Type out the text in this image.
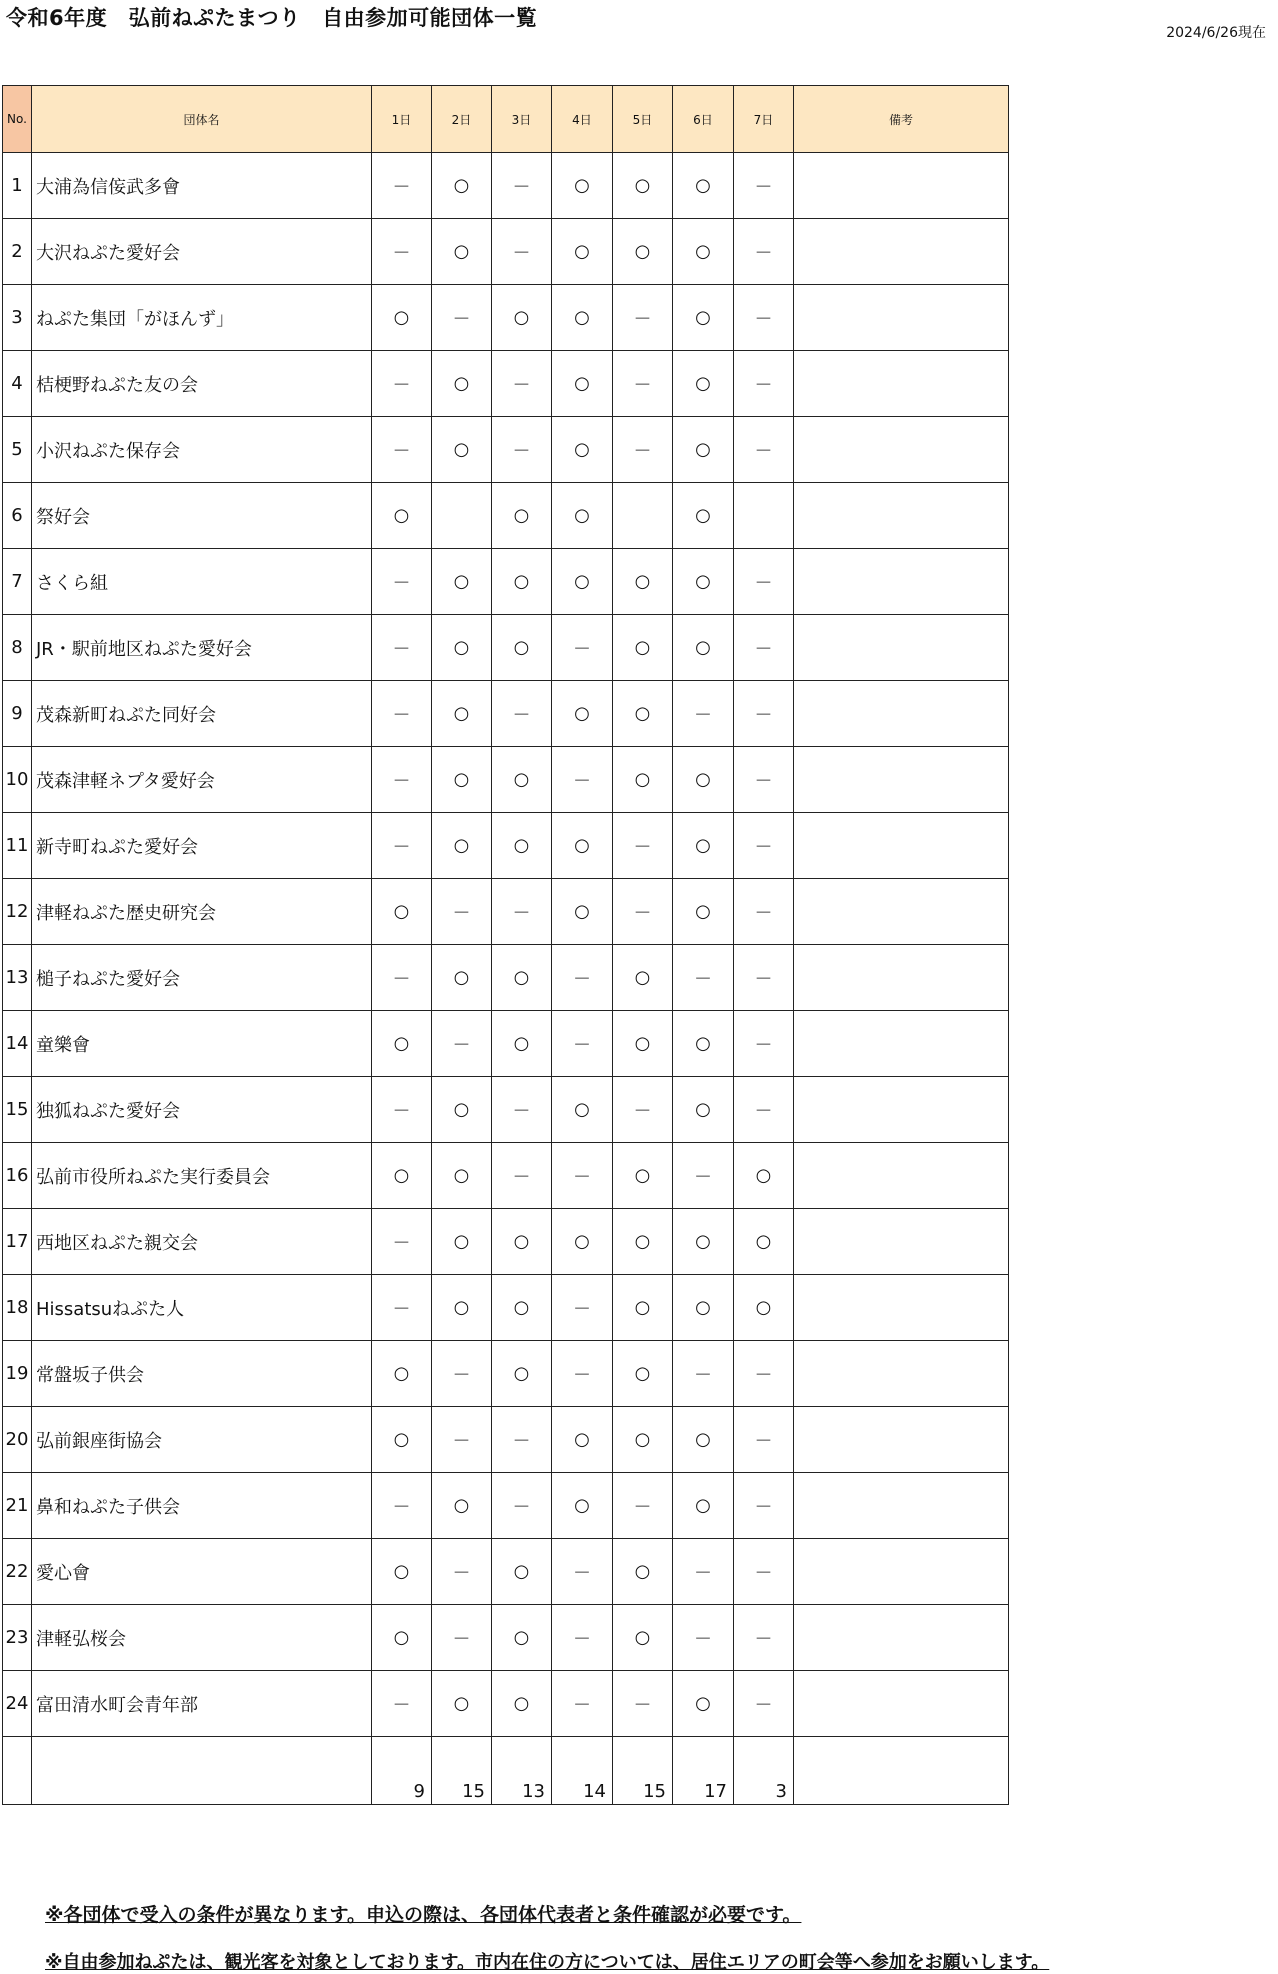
令和6年度　弘前ねぷたまつり　自由参加可能団体一覧
2024/6/26現在
No.	団体名	1日	2日	3日	4日	5日	6日	7日	備考
1	大浦為信侫武多會	－	○	－	○	○	○	－	
2	大沢ねぷた愛好会	－	○	－	○	○	○	－	
3	ねぷた集団「がほんず」	○	－	○	○	－	○	－	
4	桔梗野ねぷた友の会	－	○	－	○	－	○	－	
5	小沢ねぷた保存会	－	○	－	○	－	○	－	
6	祭好会	○		○	○		○		
7	さくら組	－	○	○	○	○	○	－	
8	JR・駅前地区ねぷた愛好会	－	○	○	－	○	○	－	
9	茂森新町ねぷた同好会	－	○	－	○	○	－	－	
10	茂森津軽ネプタ愛好会	－	○	○	－	○	○	－	
11	新寺町ねぷた愛好会	－	○	○	○	－	○	－	
12	津軽ねぷた歴史研究会	○	－	－	○	－	○	－	
13	槌子ねぷた愛好会	－	○	○	－	○	－	－	
14	童樂會	○	－	○	－	○	○	－	
15	独狐ねぷた愛好会	－	○	－	○	－	○	－	
16	弘前市役所ねぷた実行委員会	○	○	－	－	○	－	○	
17	西地区ねぷた親交会	－	○	○	○	○	○	○	
18	Hissatsuねぷた人	－	○	○	－	○	○	○	
19	常盤坂子供会	○	－	○	－	○	－	－	
20	弘前銀座街協会	○	－	－	○	○	○	－	
21	鼻和ねぷた子供会	－	○	－	○	－	○	－	
22	愛心會	○	－	○	－	○	－	－	
23	津軽弘桜会	○	－	○	－	○	－	－	
24	富田清水町会青年部	－	○	○	－	－	○	－	
		9	15	13	14	15	17	3	
※各団体で受入の条件が異なります。申込の際は、各団体代表者と条件確認が必要です。
※自由参加ねぷたは、観光客を対象としております。市内在住の方については、居住エリアの町会等へ参加をお願いします。
